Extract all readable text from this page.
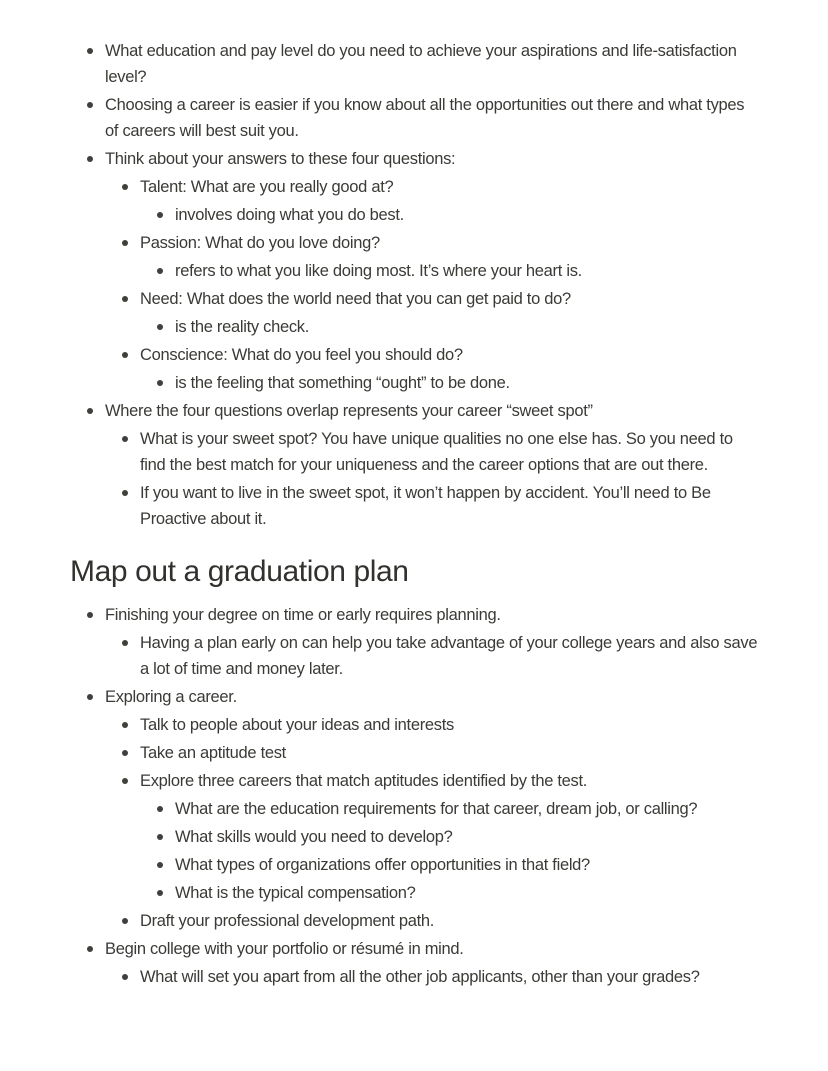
What education and pay level do you need to achieve your aspirations and life-satisfaction level?
Choosing a career is easier if you know about all the opportunities out there and what types of careers will best suit you.
Think about your answers to these four questions:
Talent: What are you really good at?
involves doing what you do best.
Passion: What do you love doing?
refers to what you like doing most. It’s where your heart is.
Need: What does the world need that you can get paid to do?
is the reality check.
Conscience: What do you feel you should do?
is the feeling that something “ought” to be done.
Where the four questions overlap represents your career “sweet spot”
What is your sweet spot? You have unique qualities no one else has. So you need to find the best match for your uniqueness and the career options that are out there.
If you want to live in the sweet spot, it won’t happen by accident. You’ll need to Be Proactive about it.
Map out a graduation plan
Finishing your degree on time or early requires planning.
Having a plan early on can help you take advantage of your college years and also save a lot of time and money later.
Exploring a career.
Talk to people about your ideas and interests
Take an aptitude test
Explore three careers that match aptitudes identified by the test.
What are the education requirements for that career, dream job, or calling?
What skills would you need to develop?
What types of organizations offer opportunities in that field?
What is the typical compensation?
Draft your professional development path.
Begin college with your portfolio or résumé in mind.
What will set you apart from all the other job applicants, other than your grades?
